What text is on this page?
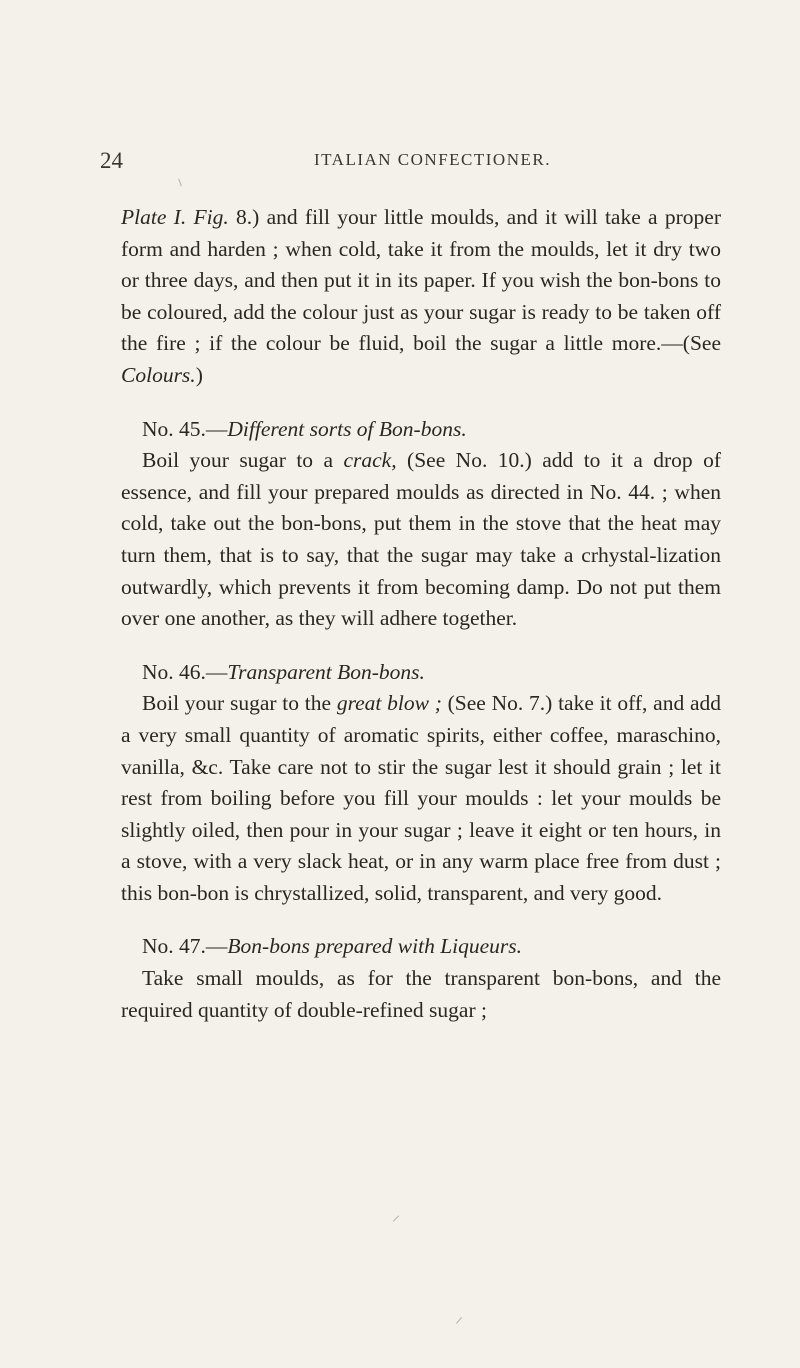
24	ITALIAN CONFECTIONER.

Plate I. Fig. 8.) and fill your little moulds, and it will take a proper form and harden ; when cold, take it from the moulds, let it dry two or three days, and then put it in its paper. If you wish the bon-bons to be coloured, add the colour just as your sugar is ready to be taken off the fire ; if the colour be fluid, boil the sugar a little more.—(See Colours.)

No. 45.—Different sorts of Bon-bons.

Boil your sugar to a crack, (See No. 10.) add to it a drop of essence, and fill your prepared moulds as directed in No. 44. ; when cold, take out the bon-bons, put them in the stove that the heat may turn them, that is to say, that the sugar may take a crhystal-lization outwardly, which prevents it from becoming damp. Do not put them over one another, as they will adhere together.

No. 46.—Transparent Bon-bons.

Boil your sugar to the great blow ; (See No. 7.) take it off, and add a very small quantity of aromatic spirits, either coffee, maraschino, vanilla, &c. Take care not to stir the sugar lest it should grain ; let it rest from boiling before you fill your moulds : let your moulds be slightly oiled, then pour in your sugar ; leave it eight or ten hours, in a stove, with a very slack heat, or in any warm place free from dust ; this bon-bon is chrystallized, solid, transparent, and very good.

No. 47.—Bon-bons prepared with Liqueurs.

Take small moulds, as for the transparent bon-bons, and the required quantity of double-refined sugar ;
